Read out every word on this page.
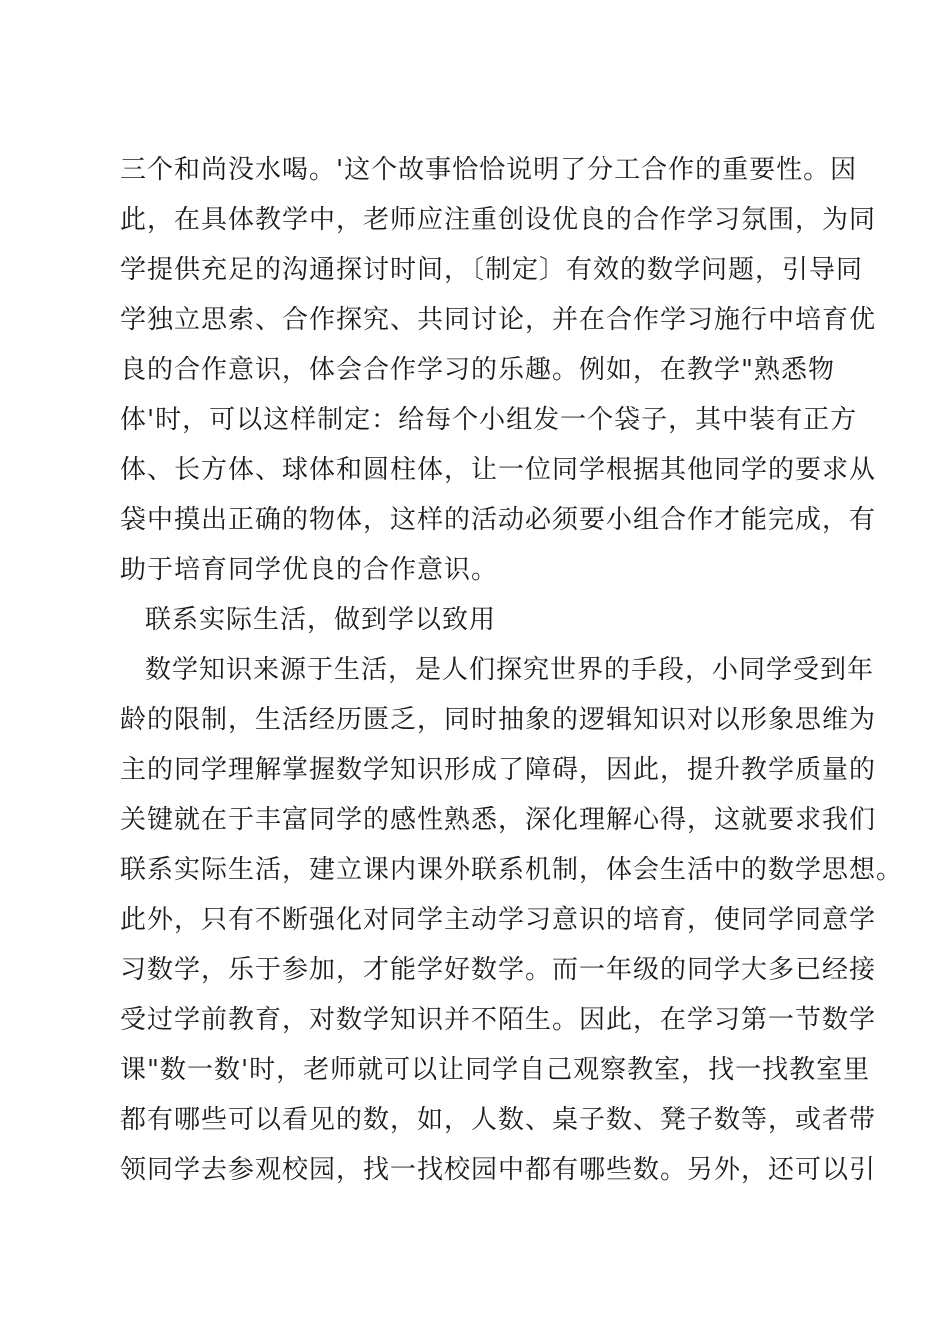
三个和尚没水喝。'这个故事恰恰说明了分工合作的重要性。因
此，在具体教学中，老师应注重创设优良的合作学习氛围，为同
学提供充足的沟通探讨时间，〔制定〕有效的数学问题，引导同
学独立思索、合作探究、共同讨论，并在合作学习施行中培育优
良的合作意识，体会合作学习的乐趣。例如，在教学"熟悉物
体'时，可以这样制定：给每个小组发一个袋子，其中装有正方
体、长方体、球体和圆柱体，让一位同学根据其他同学的要求从
袋中摸出正确的物体，这样的活动必须要小组合作才能完成，有
助于培育同学优良的合作意识。
联系实际生活，做到学以致用
数学知识来源于生活，是人们探究世界的手段，小同学受到年
龄的限制，生活经历匮乏，同时抽象的逻辑知识对以形象思维为
主的同学理解掌握数学知识形成了障碍，因此，提升教学质量的
关键就在于丰富同学的感性熟悉，深化理解心得，这就要求我们
联系实际生活，建立课内课外联系机制，体会生活中的数学思想。
此外，只有不断强化对同学主动学习意识的培育，使同学同意学
习数学，乐于参加，才能学好数学。而一年级的同学大多已经接
受过学前教育，对数学知识并不陌生。因此，在学习第一节数学
课"数一数'时，老师就可以让同学自己观察教室，找一找教室里
都有哪些可以看见的数，如，人数、桌子数、凳子数等，或者带
领同学去参观校园，找一找校园中都有哪些数。另外，还可以引
